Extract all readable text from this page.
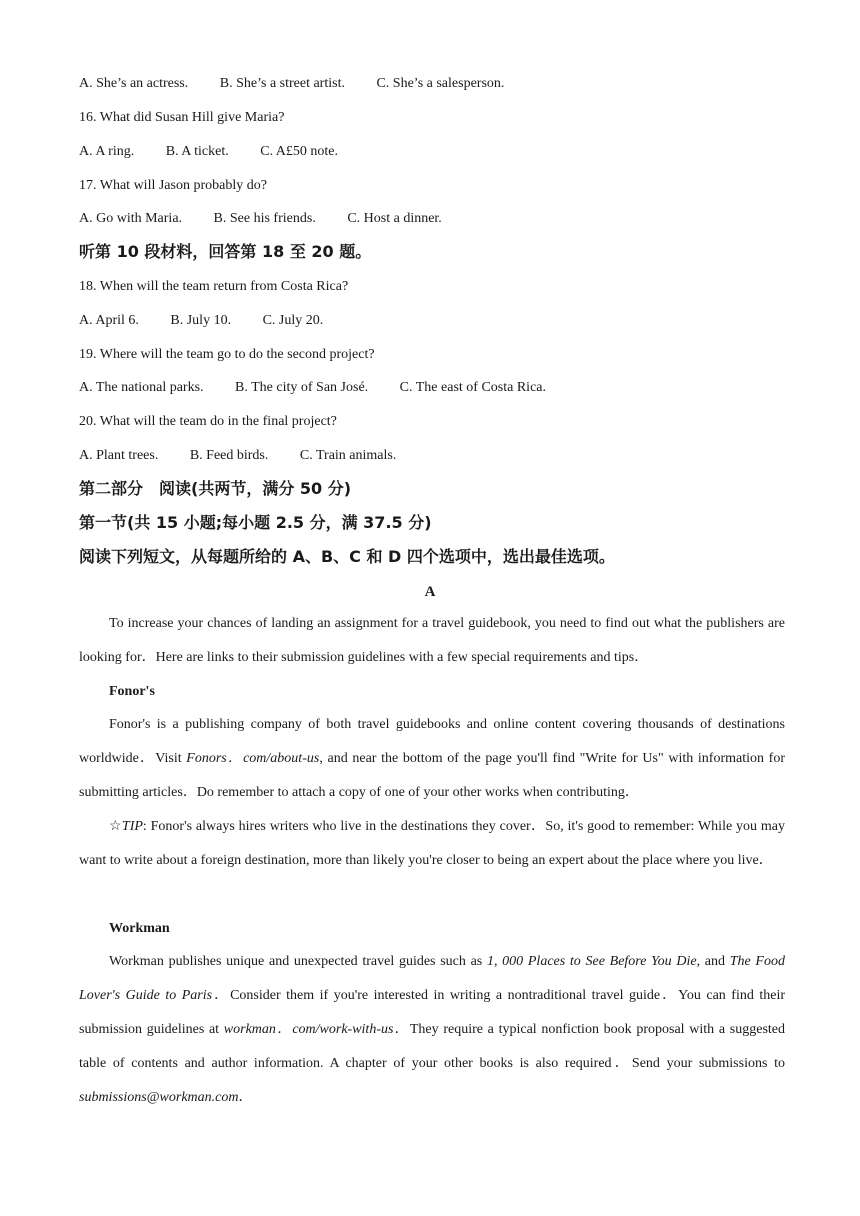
A. She’s an actress. B. She’s a street artist. C. She’s a salesperson.
16. What did Susan Hill give Maria?
A. A ring. B. A ticket. C. A£50 note.
17. What will Jason probably do?
A. Go with Maria. B. See his friends. C. Host a dinner.
听第 10 段材料，回答第 18 至 20 题。
18. When will the team return from Costa Rica?
A. April 6. B. July 10. C. July 20.
19. Where will the team go to do the second project?
A. The national parks. B. The city of San José. C. The east of Costa Rica.
20. What will the team do in the final project?
A. Plant trees. B. Feed birds. C. Train animals.
第二部分　阅读(共两节，满分 50 分)
第一节(共 15 小题;每小题 2.5 分，满 37.5 分)
阅读下列短文，从每题所给的 A、B、C 和 D 四个选项中，选出最佳选项。
A

To increase your chances of landing an assignment for a travel guidebook, you need to find out what the publishers are looking for．Here are links to their submission guidelines with a few special requirements and tips．

Fonor's

Fonor's is a publishing company of both travel guidebooks and online content covering thousands of destinations worldwide．Visit Fonors．com/about-us, and near the bottom of the page you'll find "Write for Us" with information for submitting articles．Do remember to attach a copy of one of your other works when contributing．

☆TIP: Fonor's always hires writers who live in the destinations they cover．So, it's good to remember: While you may want to write about a foreign destination, more than likely you're closer to being an expert about the place where you live．

Workman

Workman publishes unique and unexpected travel guides such as 1, 000 Places to See Before You Die, and The Food Lover's Guide to Paris．Consider them if you're interested in writing a nontraditional travel guide．You can find their submission guidelines at workman．com/work-with-us．They require a typical nonfiction book proposal with a suggested table of contents and author information. A chapter of your other books is also required．Send your submissions to submissions@workman.com．
